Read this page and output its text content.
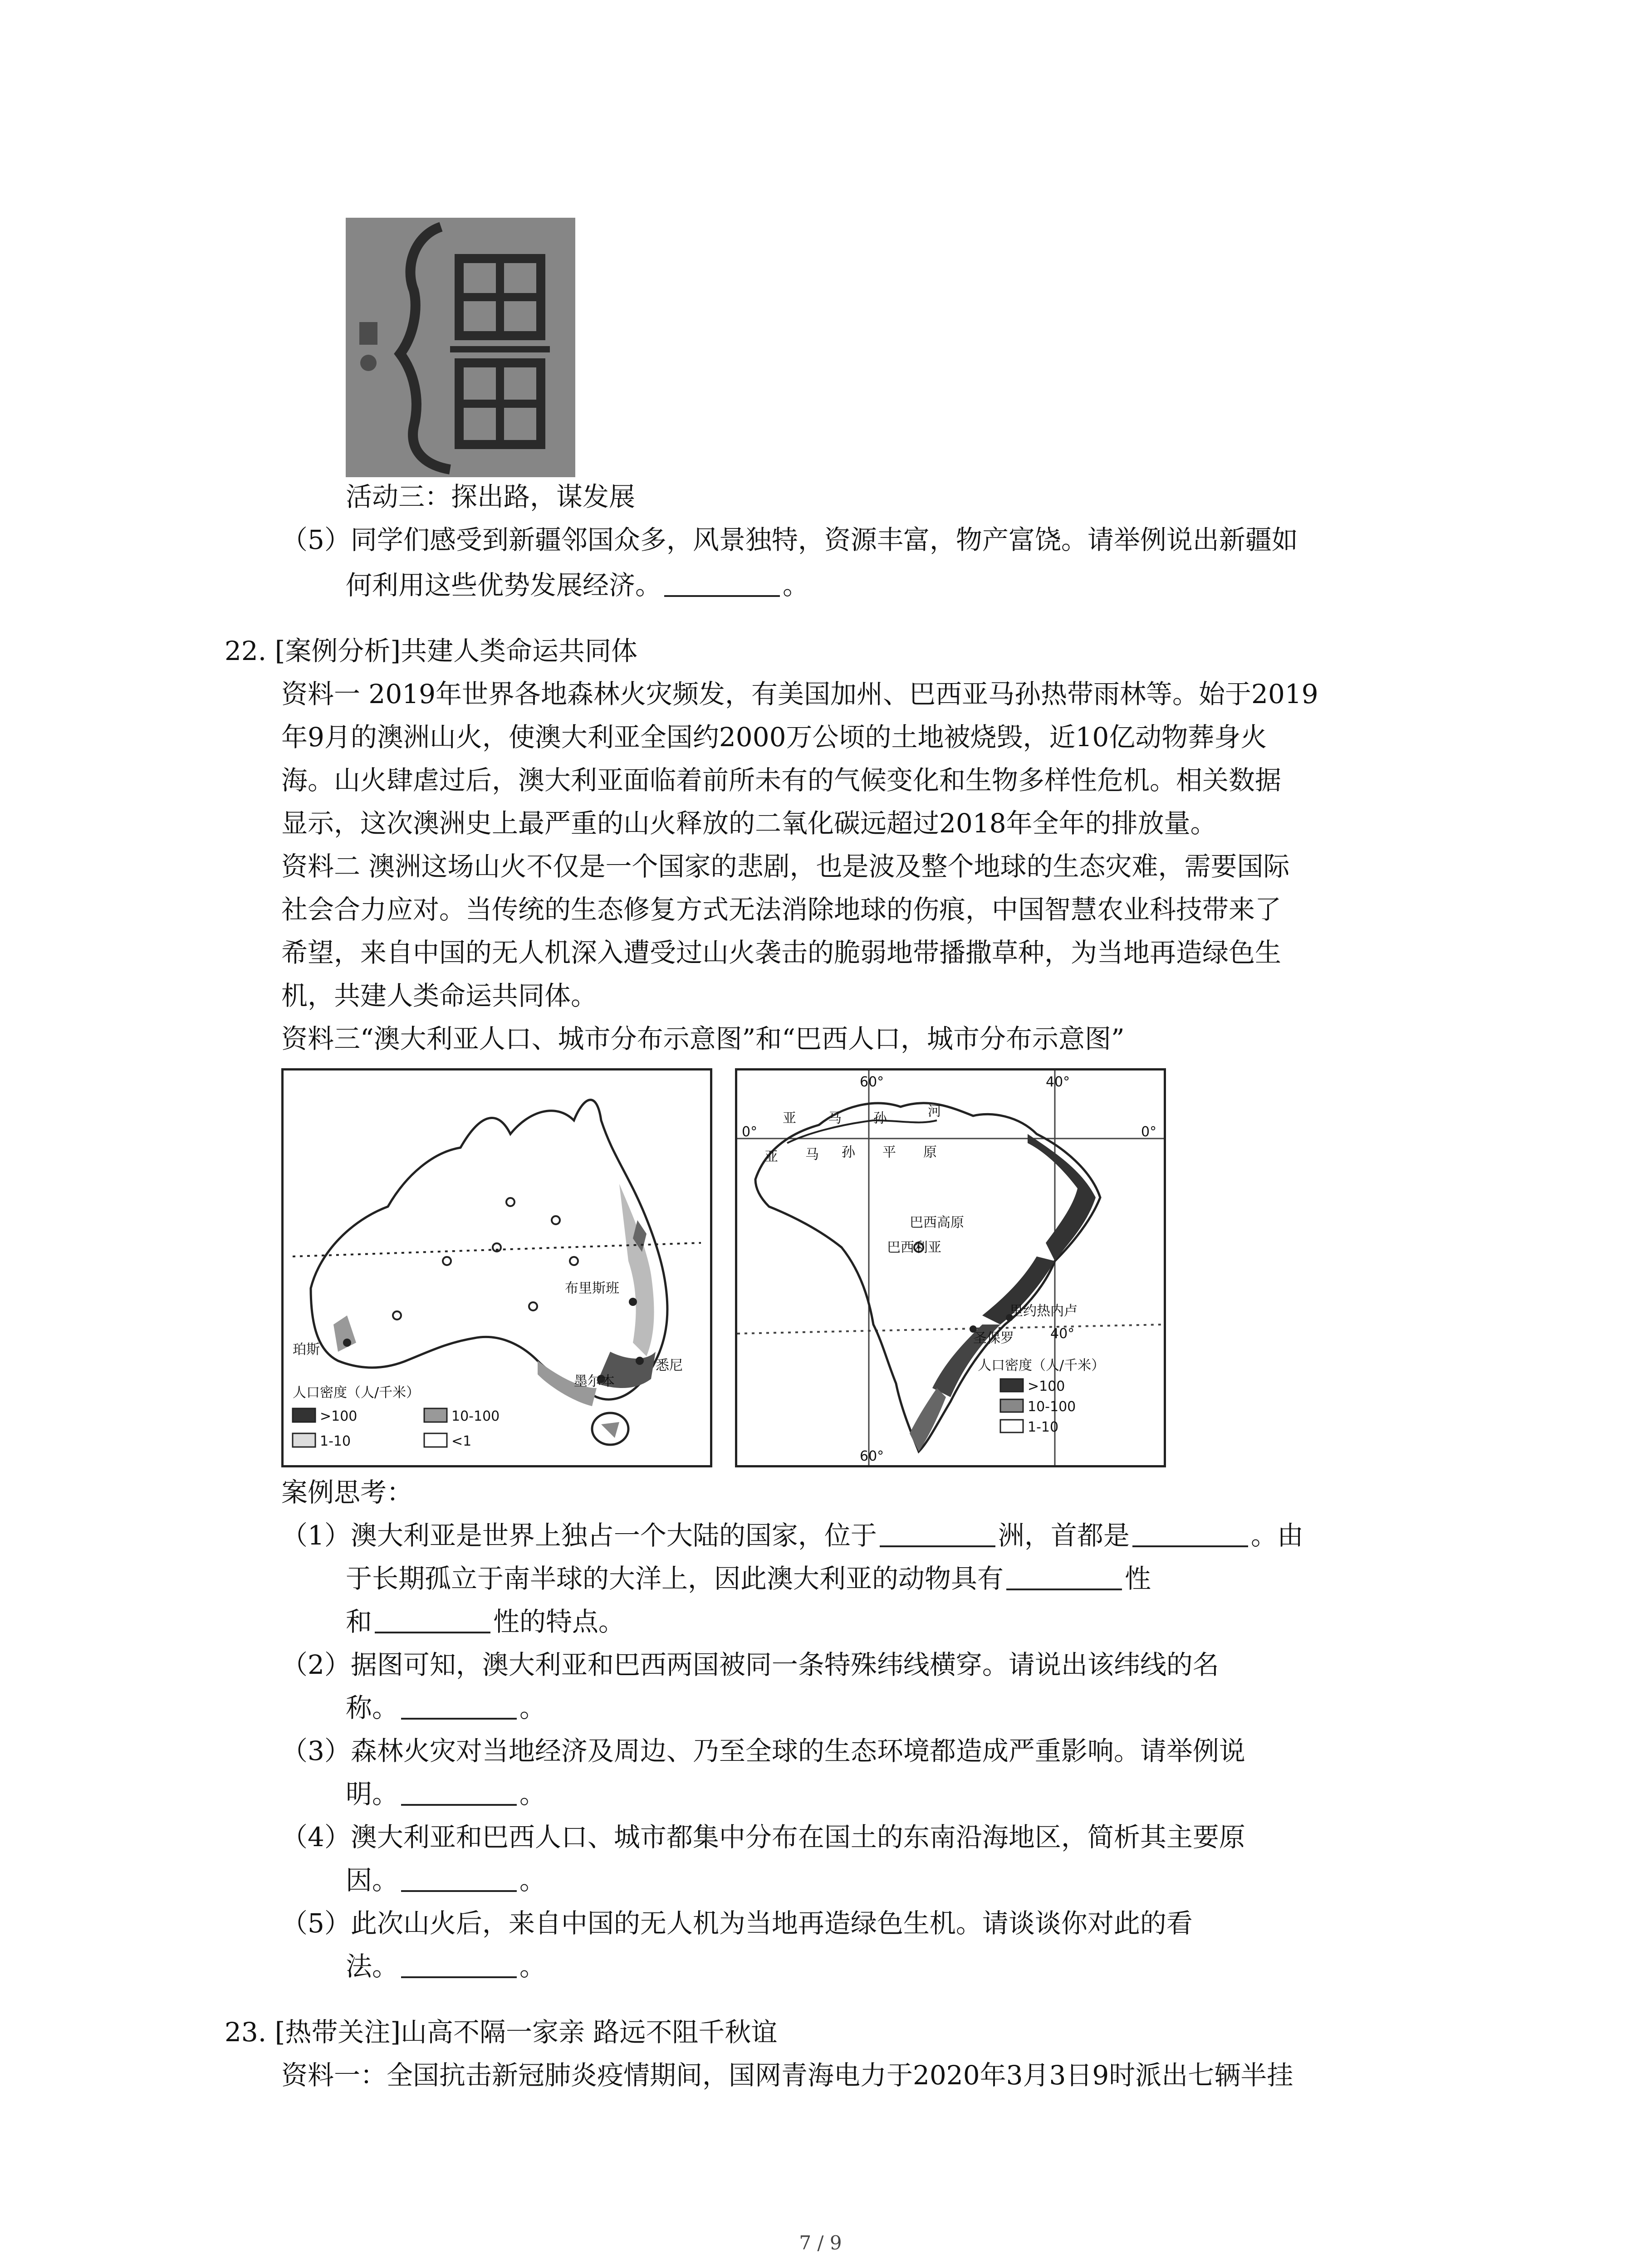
活动三：探出路，谋发展
（5）同学们感受到新疆邻国众多，风景独特，资源丰富，物产富饶。请举例说出新疆如
何利用这些优势发展经济。	。
22. [案例分析]共建人类命运共同体
资料一 2019年世界各地森林火灾频发，有美国加州、巴西亚马孙热带雨林等。始于2019
年9月的澳洲山火，使澳大利亚全国约2000万公顷的土地被烧毁，近10亿动物葬身火
海。山火肆虐过后，澳大利亚面临着前所未有的气候变化和生物多样性危机。相关数据
显示，这次澳洲史上最严重的山火释放的二氧化碳远超过2018年全年的排放量。
资料二 澳洲这场山火不仅是一个国家的悲剧，也是波及整个地球的生态灾难，需要国际
社会合力应对。当传统的生态修复方式无法消除地球的伤痕，中国智慧农业科技带来了
希望，来自中国的无人机深入遭受过山火袭击的脆弱地带播撒草种，为当地再造绿色生
机，共建人类命运共同体。
资料三“澳大利亚人口、城市分布示意图”和“巴西人口，城市分布示意图”
布里斯班
珀斯
悉尼
墨尔本
人口密度（人/千米）
>100	10-100
1-10	<1
60°	40°
0°	0°
40°
60°
亚 马 孙	河
亚 马 孙 平 原
巴西高原
巴西利亚
里约热内卢
圣保罗
人口密度（人/千米）
>100
10-100
1-10
案例思考：
（1）澳大利亚是世界上独占一个大陆的国家，位于	洲，首都是	。由
于长期孤立于南半球的大洋上，因此澳大利亚的动物具有	性
和	性的特点。
（2）据图可知，澳大利亚和巴西两国被同一条特殊纬线横穿。请说出该纬线的名
称。	。
（3）森林火灾对当地经济及周边、乃至全球的生态环境都造成严重影响。请举例说
明。	。
（4）澳大利亚和巴西人口、城市都集中分布在国土的东南沿海地区，简析其主要原
因。	。
（5）此次山火后，来自中国的无人机为当地再造绿色生机。请谈谈你对此的看
法。	。
23. [热带关注]山高不隔一家亲 路远不阻千秋谊
资料一：全国抗击新冠肺炎疫情期间，国网青海电力于2020年3月3日9时派出七辆半挂
7 / 9
